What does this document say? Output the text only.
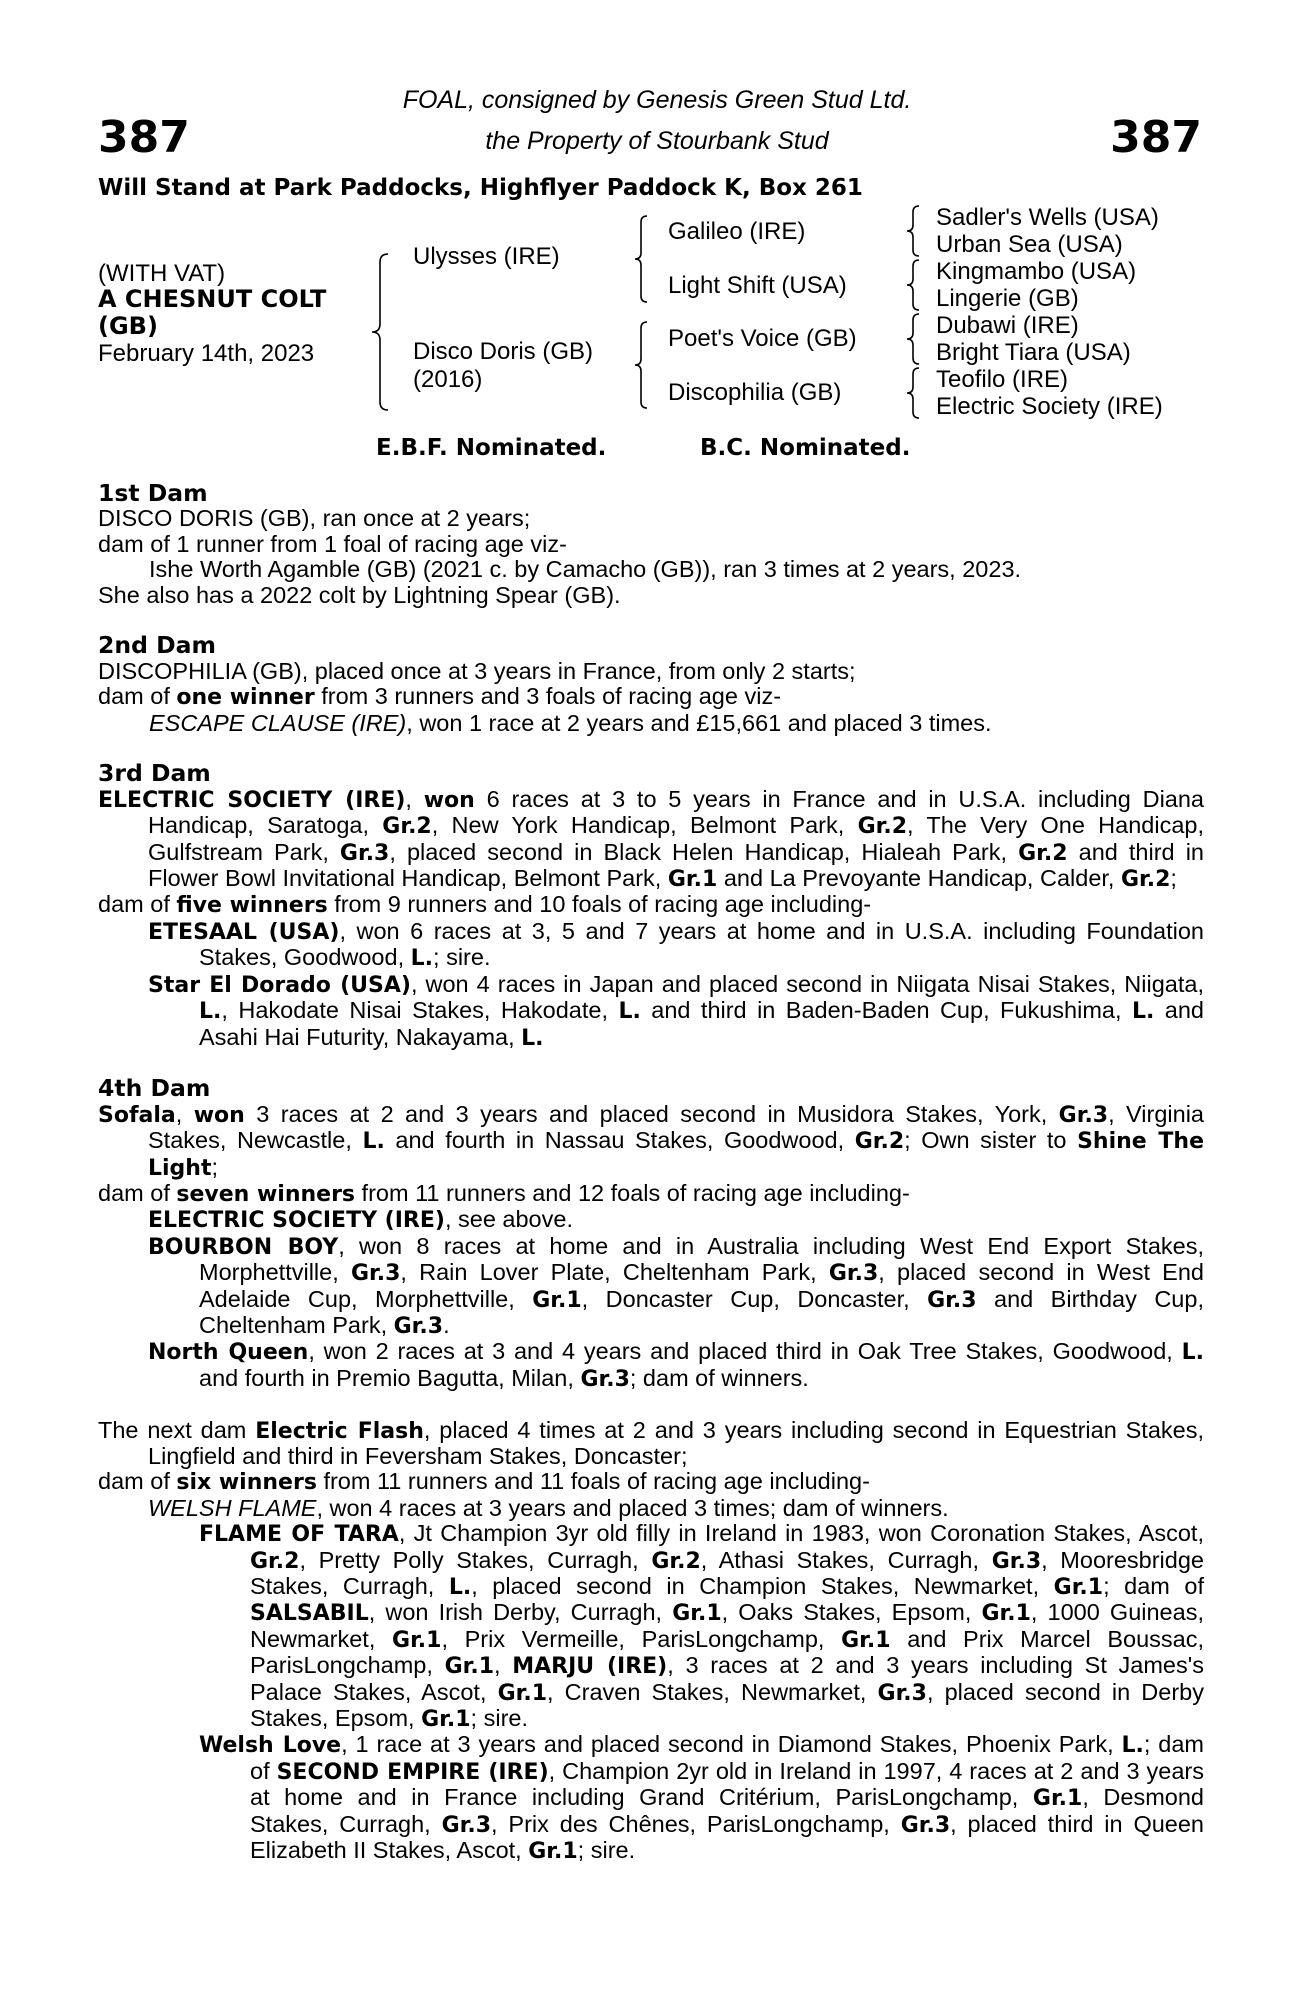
387	387
FOAL, consigned by Genesis Green Stud Ltd.
the Property of Stourbank Stud
Will Stand at Park Paddocks, Highflyer Paddock K, Box 261
(WITH VAT)
A CHESNUT COLT
(GB)
February 14th, 2023
Ulysses (IRE)
Disco Doris (GB)
(2016)
Galileo (IRE)
Light Shift (USA)
Poet's Voice (GB)
Discophilia (GB)
Sadler's Wells (USA)
Urban Sea (USA)
Kingmambo (USA)
Lingerie (GB)
Dubawi (IRE)
Bright Tiara (USA)
Teofilo (IRE)
Electric Society (IRE)
E.B.F. Nominated.	B.C. Nominated.
1st Dam
DISCO DORIS (GB), ran once at 2 years;
dam of 1 runner from 1 foal of racing age viz-
Ishe Worth Agamble (GB) (2021 c. by Camacho (GB)), ran 3 times at 2 years, 2023.
She also has a 2022 colt by Lightning Spear (GB).
2nd Dam
DISCOPHILIA (GB), placed once at 3 years in France, from only 2 starts;
dam of one winner from 3 runners and 3 foals of racing age viz-
ESCAPE CLAUSE (IRE), won 1 race at 2 years and £15,661 and placed 3 times.
3rd Dam
ELECTRIC SOCIETY (IRE), won 6 races at 3 to 5 years in France and in U.S.A. including Diana Handicap, Saratoga, Gr.2, New York Handicap, Belmont Park, Gr.2, The Very One Handicap, Gulfstream Park, Gr.3, placed second in Black Helen Handicap, Hialeah Park, Gr.2 and third in Flower Bowl Invitational Handicap, Belmont Park, Gr.1 and La Prevoyante Handicap, Calder, Gr.2;
dam of five winners from 9 runners and 10 foals of racing age including-
ETESAAL (USA), won 6 races at 3, 5 and 7 years at home and in U.S.A. including Foundation Stakes, Goodwood, L.; sire.
Star El Dorado (USA), won 4 races in Japan and placed second in Niigata Nisai Stakes, Niigata, L., Hakodate Nisai Stakes, Hakodate, L. and third in Baden-Baden Cup, Fukushima, L. and Asahi Hai Futurity, Nakayama, L.
4th Dam
Sofala, won 3 races at 2 and 3 years and placed second in Musidora Stakes, York, Gr.3, Virginia Stakes, Newcastle, L. and fourth in Nassau Stakes, Goodwood, Gr.2; Own sister to Shine The Light;
dam of seven winners from 11 runners and 12 foals of racing age including-
ELECTRIC SOCIETY (IRE), see above.
BOURBON BOY, won 8 races at home and in Australia including West End Export Stakes, Morphettville, Gr.3, Rain Lover Plate, Cheltenham Park, Gr.3, placed second in West End Adelaide Cup, Morphettville, Gr.1, Doncaster Cup, Doncaster, Gr.3 and Birthday Cup, Cheltenham Park, Gr.3.
North Queen, won 2 races at 3 and 4 years and placed third in Oak Tree Stakes, Goodwood, L. and fourth in Premio Bagutta, Milan, Gr.3; dam of winners.
The next dam Electric Flash, placed 4 times at 2 and 3 years including second in Equestrian Stakes, Lingfield and third in Feversham Stakes, Doncaster;
dam of six winners from 11 runners and 11 foals of racing age including-
WELSH FLAME, won 4 races at 3 years and placed 3 times; dam of winners.
FLAME OF TARA, Jt Champion 3yr old filly in Ireland in 1983, won Coronation Stakes, Ascot, Gr.2, Pretty Polly Stakes, Curragh, Gr.2, Athasi Stakes, Curragh, Gr.3, Mooresbridge Stakes, Curragh, L., placed second in Champion Stakes, Newmarket, Gr.1; dam of SALSABIL, won Irish Derby, Curragh, Gr.1, Oaks Stakes, Epsom, Gr.1, 1000 Guineas, Newmarket, Gr.1, Prix Vermeille, ParisLongchamp, Gr.1 and Prix Marcel Boussac, ParisLongchamp, Gr.1, MARJU (IRE), 3 races at 2 and 3 years including St James's Palace Stakes, Ascot, Gr.1, Craven Stakes, Newmarket, Gr.3, placed second in Derby Stakes, Epsom, Gr.1; sire.
Welsh Love, 1 race at 3 years and placed second in Diamond Stakes, Phoenix Park, L.; dam of SECOND EMPIRE (IRE), Champion 2yr old in Ireland in 1997, 4 races at 2 and 3 years at home and in France including Grand Critérium, ParisLongchamp, Gr.1, Desmond Stakes, Curragh, Gr.3, Prix des Chênes, ParisLongchamp, Gr.3, placed third in Queen Elizabeth II Stakes, Ascot, Gr.1; sire.
